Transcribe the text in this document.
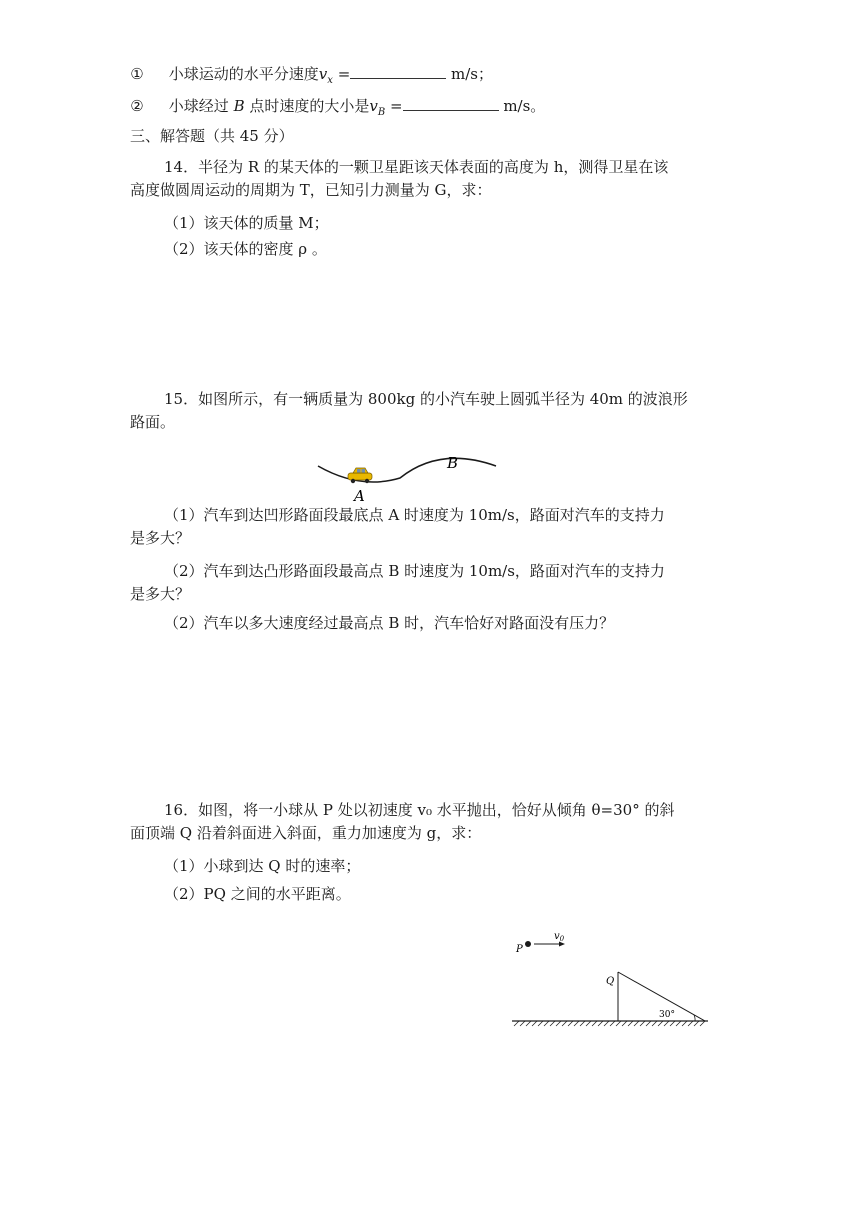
① 小球运动的水平分速度$v_x$ =	m/s；
② 小球经过 B 点时速度的大小是$v_B$ =	m/s。
三、解答题（共 45 分）
14．半径为 R 的某天体的一颗卫星距该天体表面的高度为 h，测得卫星在该
高度做圆周运动的周期为 T，已知引力测量为 G，求：
（1）该天体的质量 M；
（2）该天体的密度 ρ 。
15．如图所示，有一辆质量为 800kg 的小汽车驶上圆弧半径为 40m 的波浪形
路面。
A
B
（1）汽车到达凹形路面段最底点 A 时速度为 10m/s，路面对汽车的支持力
是多大？
（2）汽车到达凸形路面段最高点 B 时速度为 10m/s，路面对汽车的支持力
是多大？
（2）汽车以多大速度经过最高点 B 时，汽车恰好对路面没有压力？
16．如图，将一小球从 P 处以初速度 v₀ 水平抛出，恰好从倾角 θ=30° 的斜
面顶端 Q 沿着斜面进入斜面，重力加速度为 g，求：
（1）小球到达 Q 时的速率；
（2）PQ 之间的水平距离。
P
$v_0$
Q
30°
